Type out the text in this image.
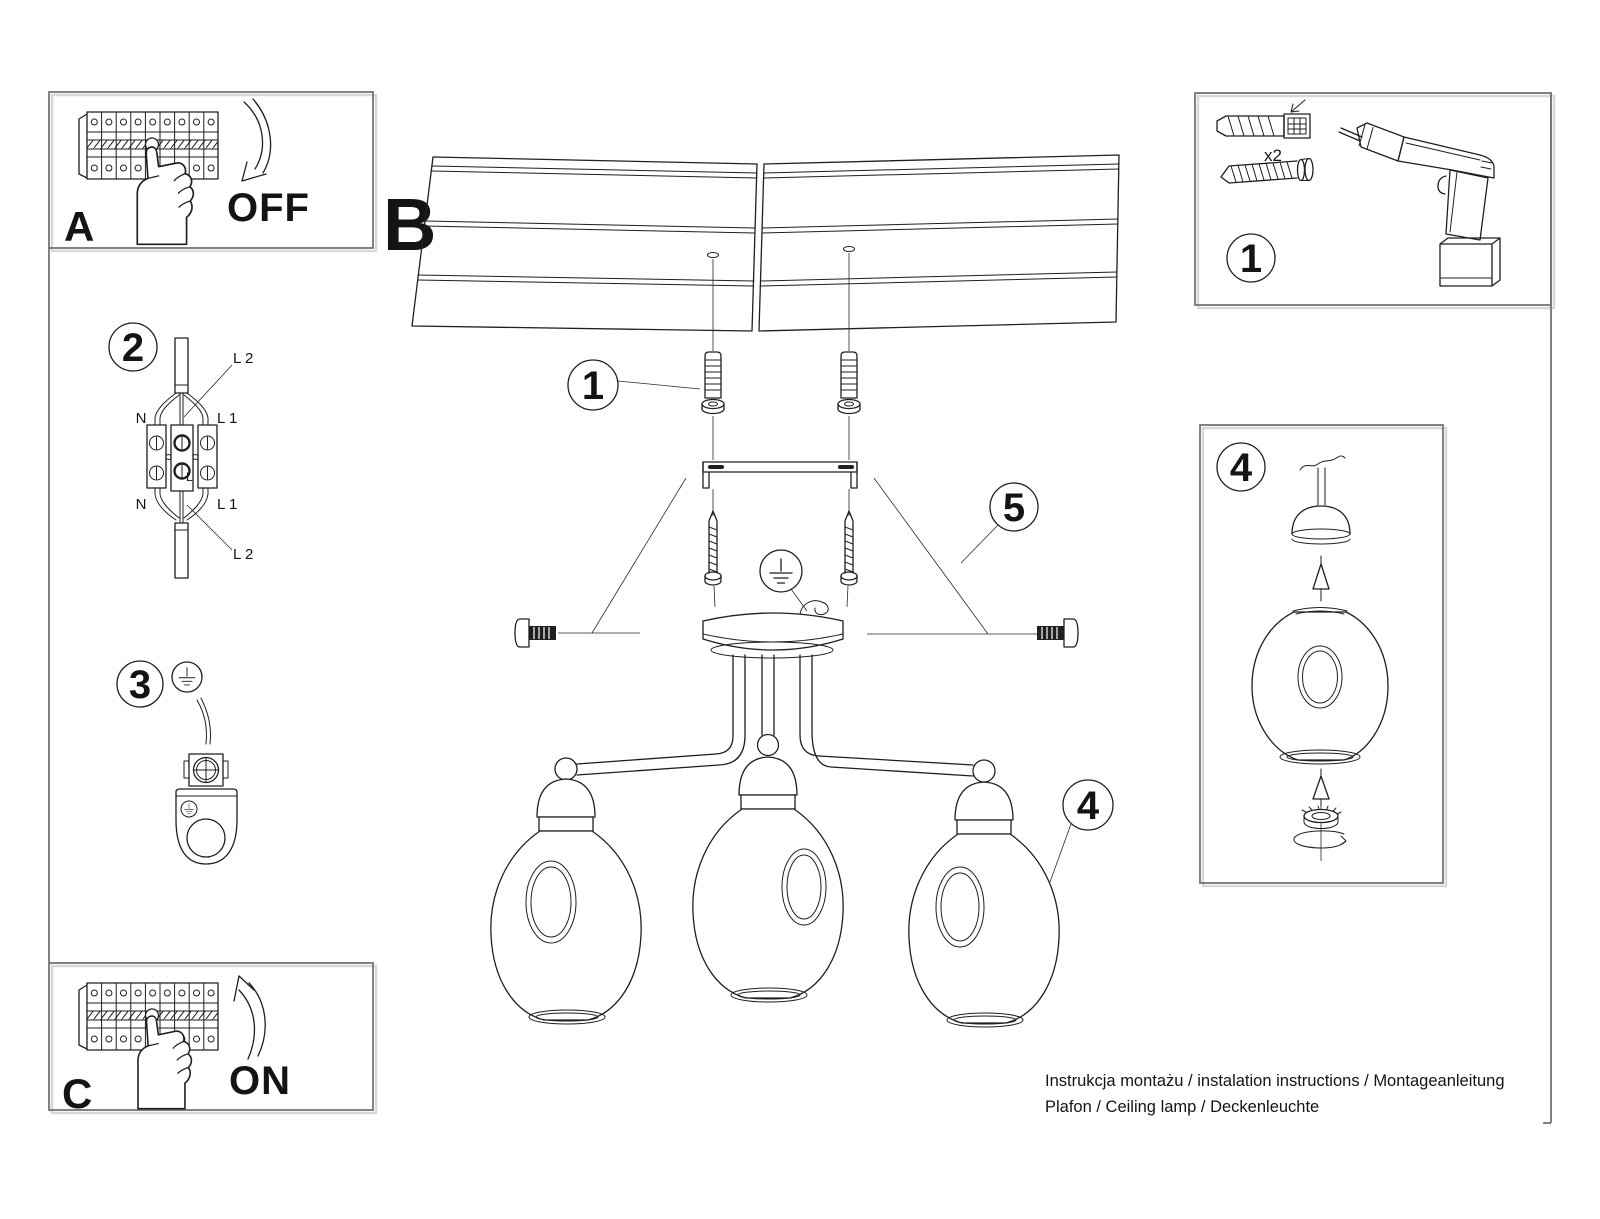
A	OFF
2
L
L 2
N	L 1
N	L 1
L 2
3
C	ON
B
1
5
4
x2
1
4
Instrukcja montażu / instalation instructions / Montageanleitung
Plafon / Ceiling lamp / Deckenleuchte
